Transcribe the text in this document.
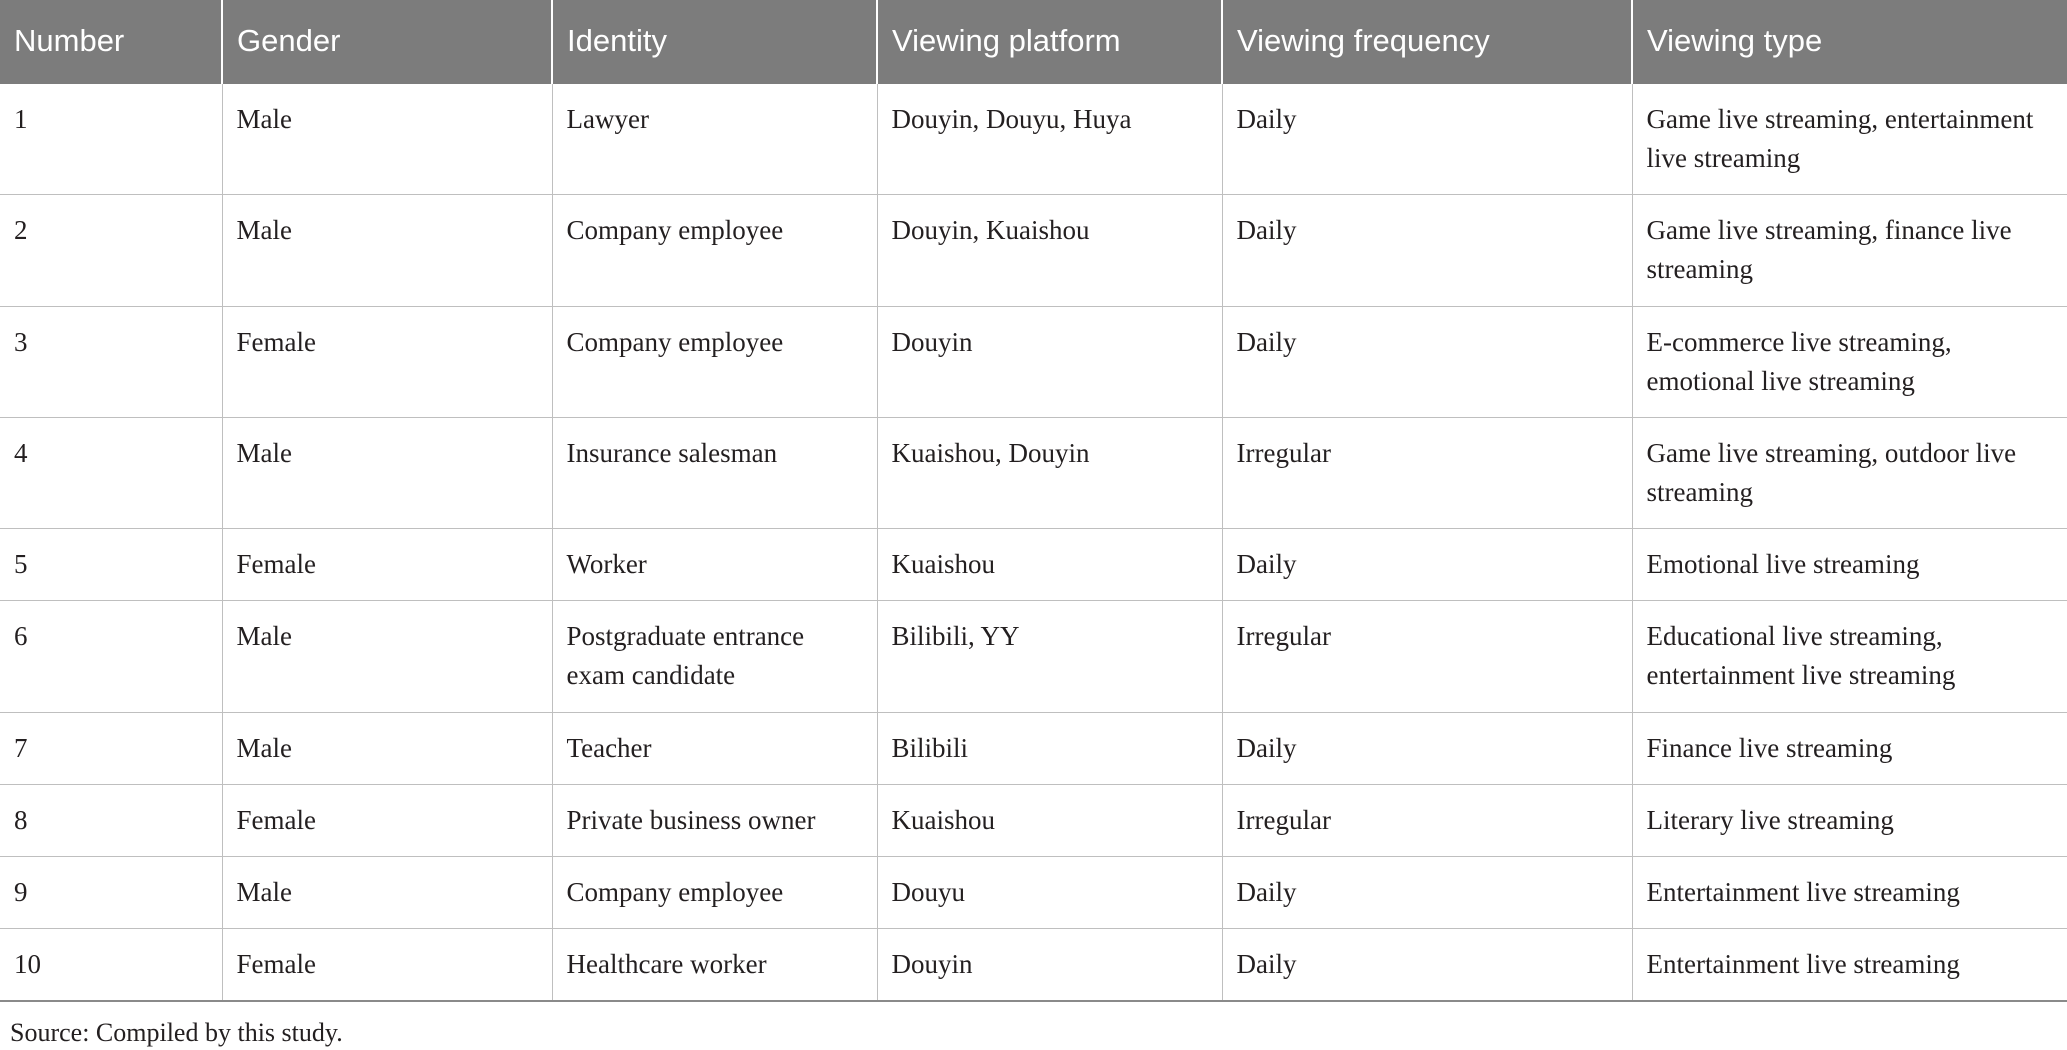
Number	Gender	Identity	Viewing platform	Viewing frequency	Viewing type
1	Male	Lawyer	Douyin, Douyu, Huya	Daily	Game live streaming, entertainment live streaming
2	Male	Company employee	Douyin, Kuaishou	Daily	Game live streaming, finance live streaming
3	Female	Company employee	Douyin	Daily	E-commerce live streaming, emotional live streaming
4	Male	Insurance salesman	Kuaishou, Douyin	Irregular	Game live streaming, outdoor live streaming
5	Female	Worker	Kuaishou	Daily	Emotional live streaming
6	Male	Postgraduate entrance exam candidate	Bilibili, YY	Irregular	Educational live streaming, entertainment live streaming
7	Male	Teacher	Bilibili	Daily	Finance live streaming
8	Female	Private business owner	Kuaishou	Irregular	Literary live streaming
9	Male	Company employee	Douyu	Daily	Entertainment live streaming
10	Female	Healthcare worker	Douyin	Daily	Entertainment live streaming
Source: Compiled by this study.
